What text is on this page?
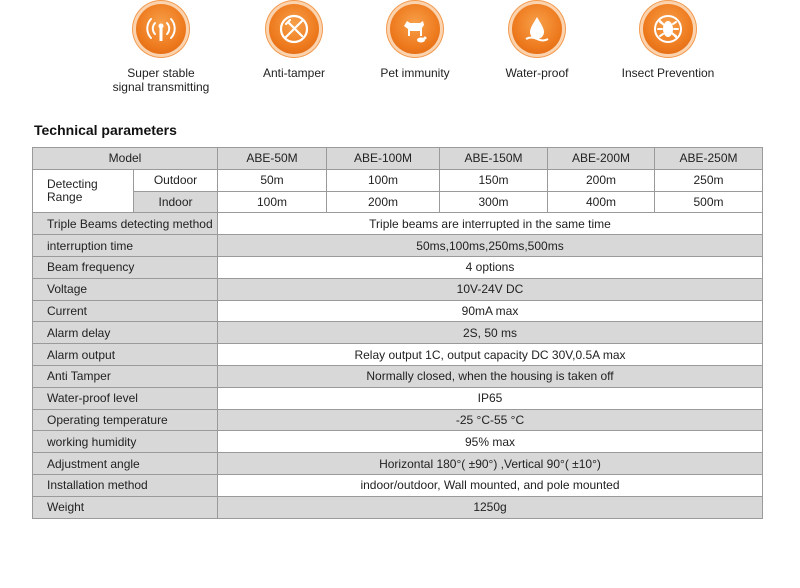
Super stable
signal transmitting
Anti-tamper	Pet immunity	Water-proof	Insect Prevention
Technical parameters
Model		ABE-50M	ABE-100M	ABE-150M	ABE-200M	ABE-250M
Detecting
Range	Outdoor	50m	100m	150m	200m	250m
	Indoor	100m	200m	300m	400m	500m
Triple Beams detecting method		Triple beams are interrupted in the same time				
interruption time		50ms,100ms,250ms,500ms				
Beam frequency		4 options				
Voltage		10V-24V DC				
Current		90mA max				
Alarm delay		2S, 50 ms				
Alarm output		Relay output 1C, output capacity DC 30V,0.5A max				
Anti Tamper		Normally closed, when the housing is taken off				
Water-proof level		IP65				
Operating temperature		-25 °C-55 °C				
working humidity		95% max				
Adjustment angle		Horizontal 180°( ±90°) ,Vertical 90°( ±10°)				
Installation method		indoor/outdoor, Wall mounted, and pole mounted				
Weight		1250g				
